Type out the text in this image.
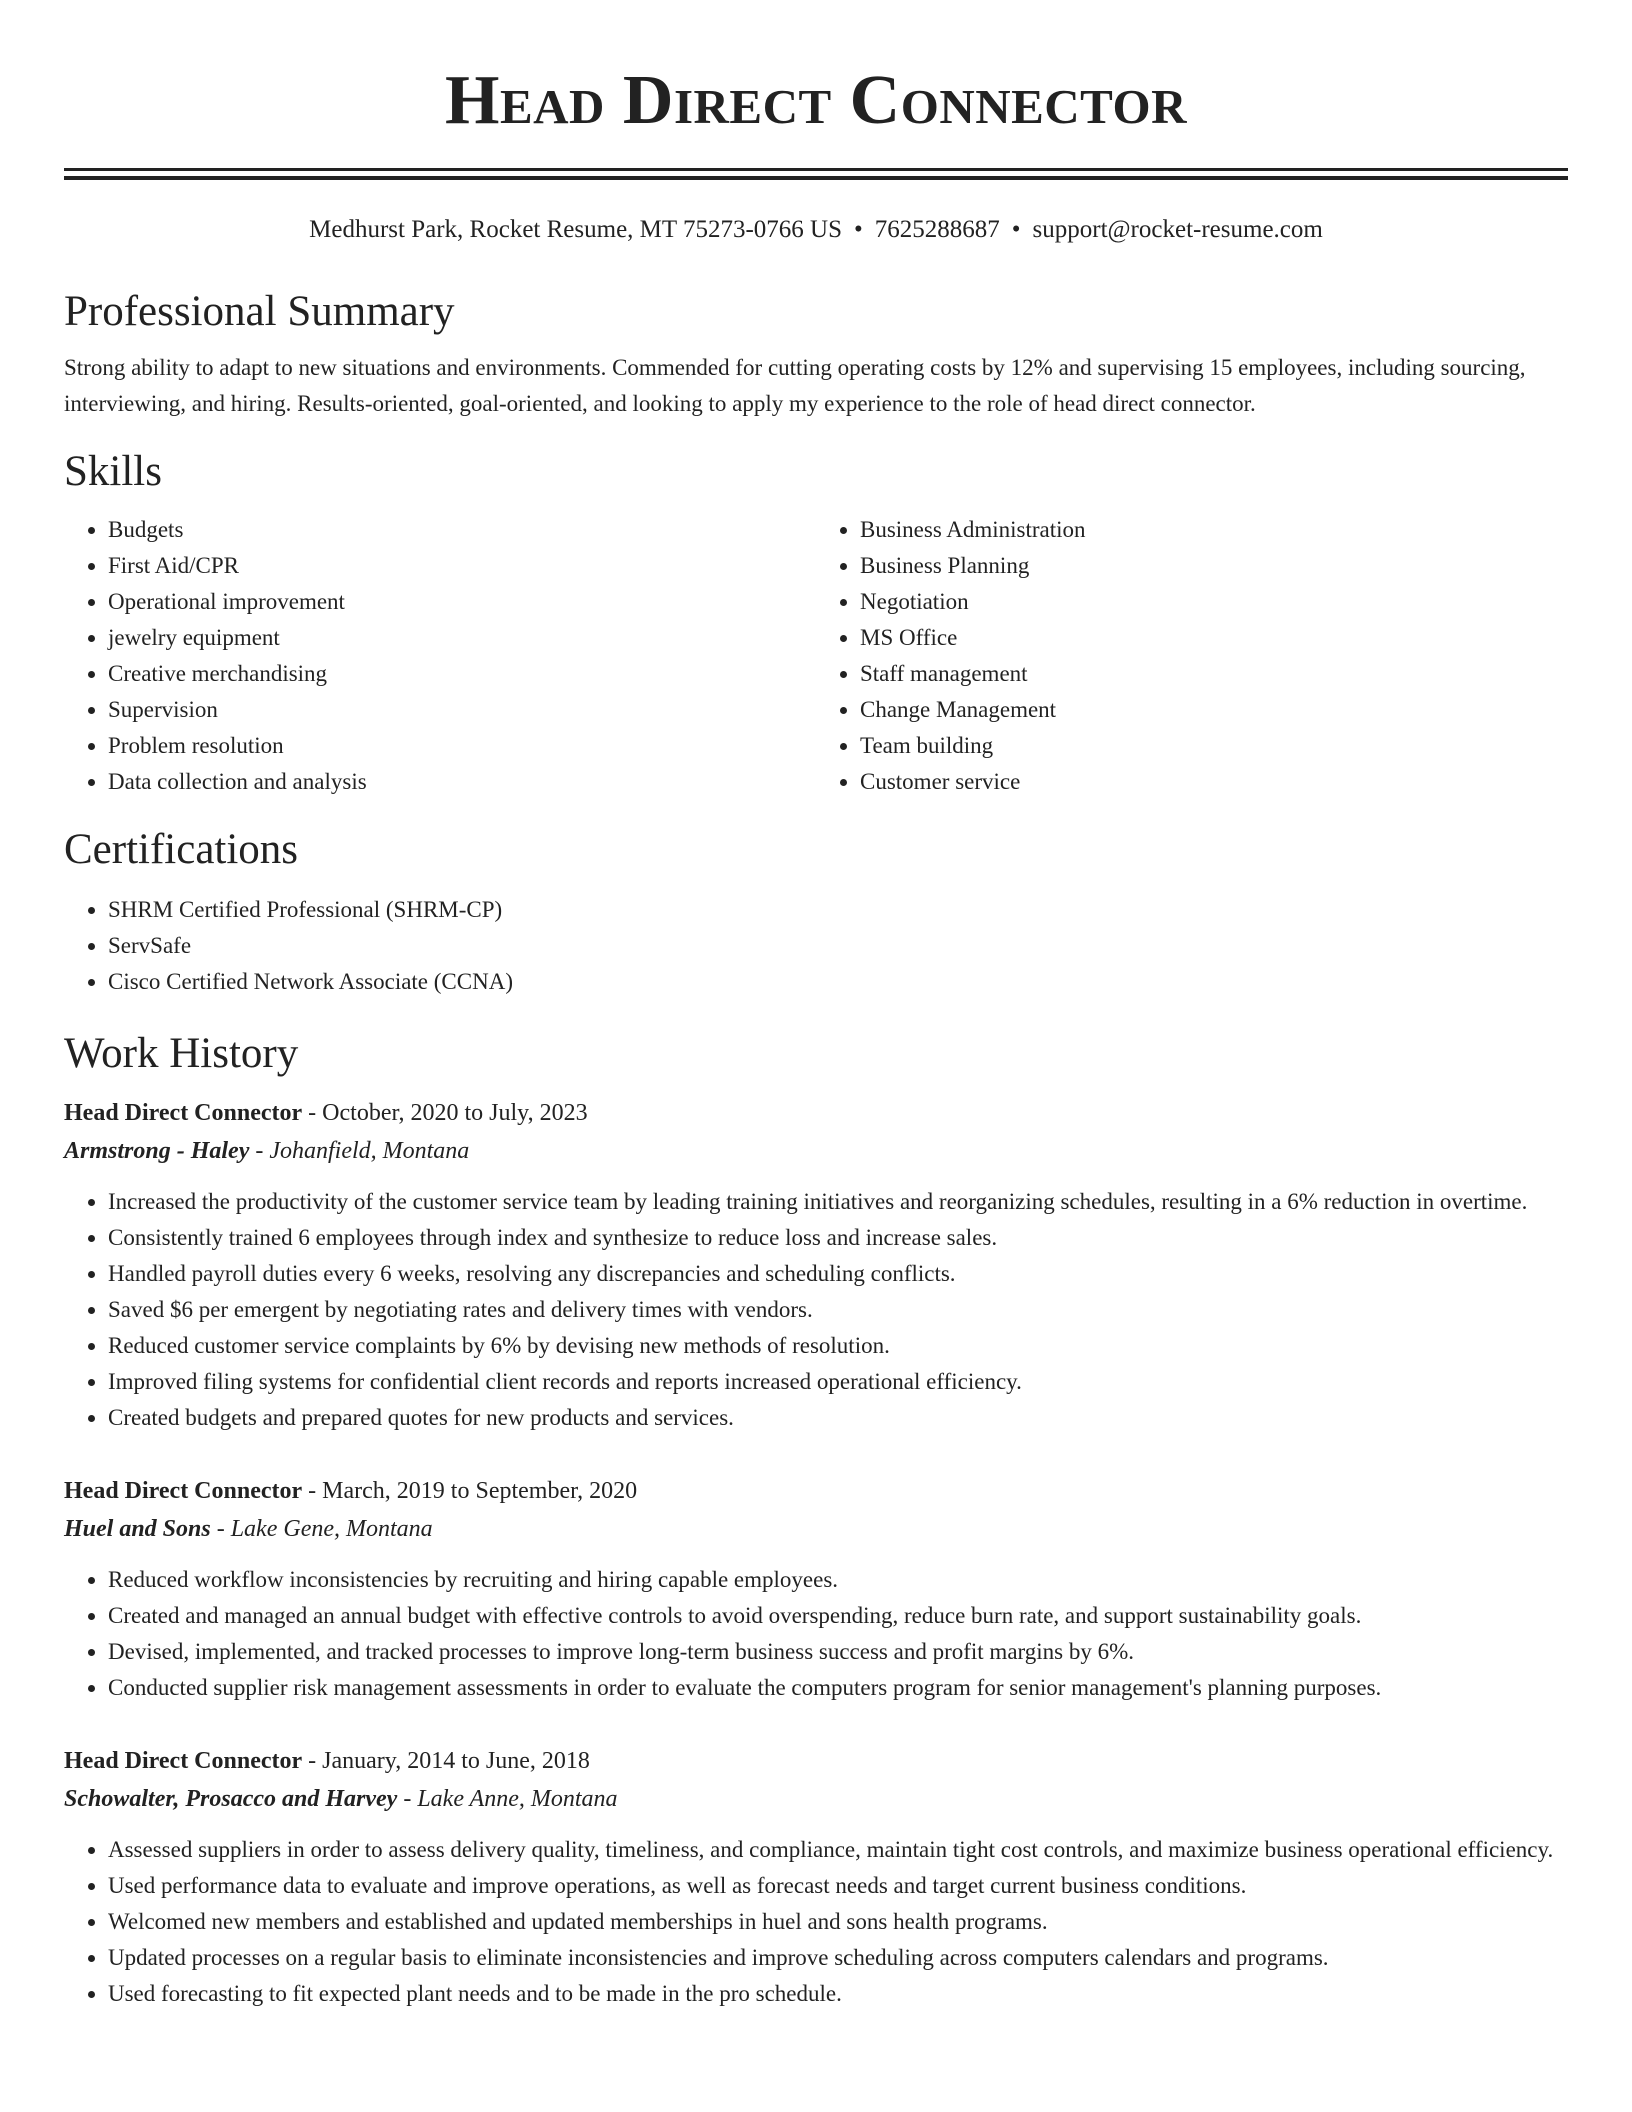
Head Direct Connector
Medhurst Park, Rocket Resume, MT 75273-0766 US • 7625288687 • support@rocket-resume.com
Professional Summary

Strong ability to adapt to new situations and environments. Commended for cutting operating costs by 12% and supervising 15 employees, including sourcing, interviewing, and hiring. Results-oriented, goal-oriented, and looking to apply my experience to the role of head direct connector.

Skills
• Budgets
• First Aid/CPR
• Operational improvement
• jewelry equipment
• Creative merchandising
• Supervision
• Problem resolution
• Data collection and analysis
• Business Administration
• Business Planning
• Negotiation
• MS Office
• Staff management
• Change Management
• Team building
• Customer service
Certifications
• SHRM Certified Professional (SHRM-CP)
• ServSafe
• Cisco Certified Network Associate (CCNA)
Work History
Head Direct Connector - October, 2020 to July, 2023
Armstrong - Haley - Johanfield, Montana
• Increased the productivity of the customer service team by leading training initiatives and reorganizing schedules, resulting in a 6% reduction in overtime.
• Consistently trained 6 employees through index and synthesize to reduce loss and increase sales.
• Handled payroll duties every 6 weeks, resolving any discrepancies and scheduling conflicts.
• Saved $6 per emergent by negotiating rates and delivery times with vendors.
• Reduced customer service complaints by 6% by devising new methods of resolution.
• Improved filing systems for confidential client records and reports increased operational efficiency.
• Created budgets and prepared quotes for new products and services.
Head Direct Connector - March, 2019 to September, 2020
Huel and Sons - Lake Gene, Montana
• Reduced workflow inconsistencies by recruiting and hiring capable employees.
• Created and managed an annual budget with effective controls to avoid overspending, reduce burn rate, and support sustainability goals.
• Devised, implemented, and tracked processes to improve long-term business success and profit margins by 6%.
• Conducted supplier risk management assessments in order to evaluate the computers program for senior management's planning purposes.
Head Direct Connector - January, 2014 to June, 2018
Schowalter, Prosacco and Harvey - Lake Anne, Montana
• Assessed suppliers in order to assess delivery quality, timeliness, and compliance, maintain tight cost controls, and maximize business operational efficiency.
• Used performance data to evaluate and improve operations, as well as forecast needs and target current business conditions.
• Welcomed new members and established and updated memberships in huel and sons health programs.
• Updated processes on a regular basis to eliminate inconsistencies and improve scheduling across computers calendars and programs.
• Used forecasting to fit expected plant needs and to be made in the pro schedule.
